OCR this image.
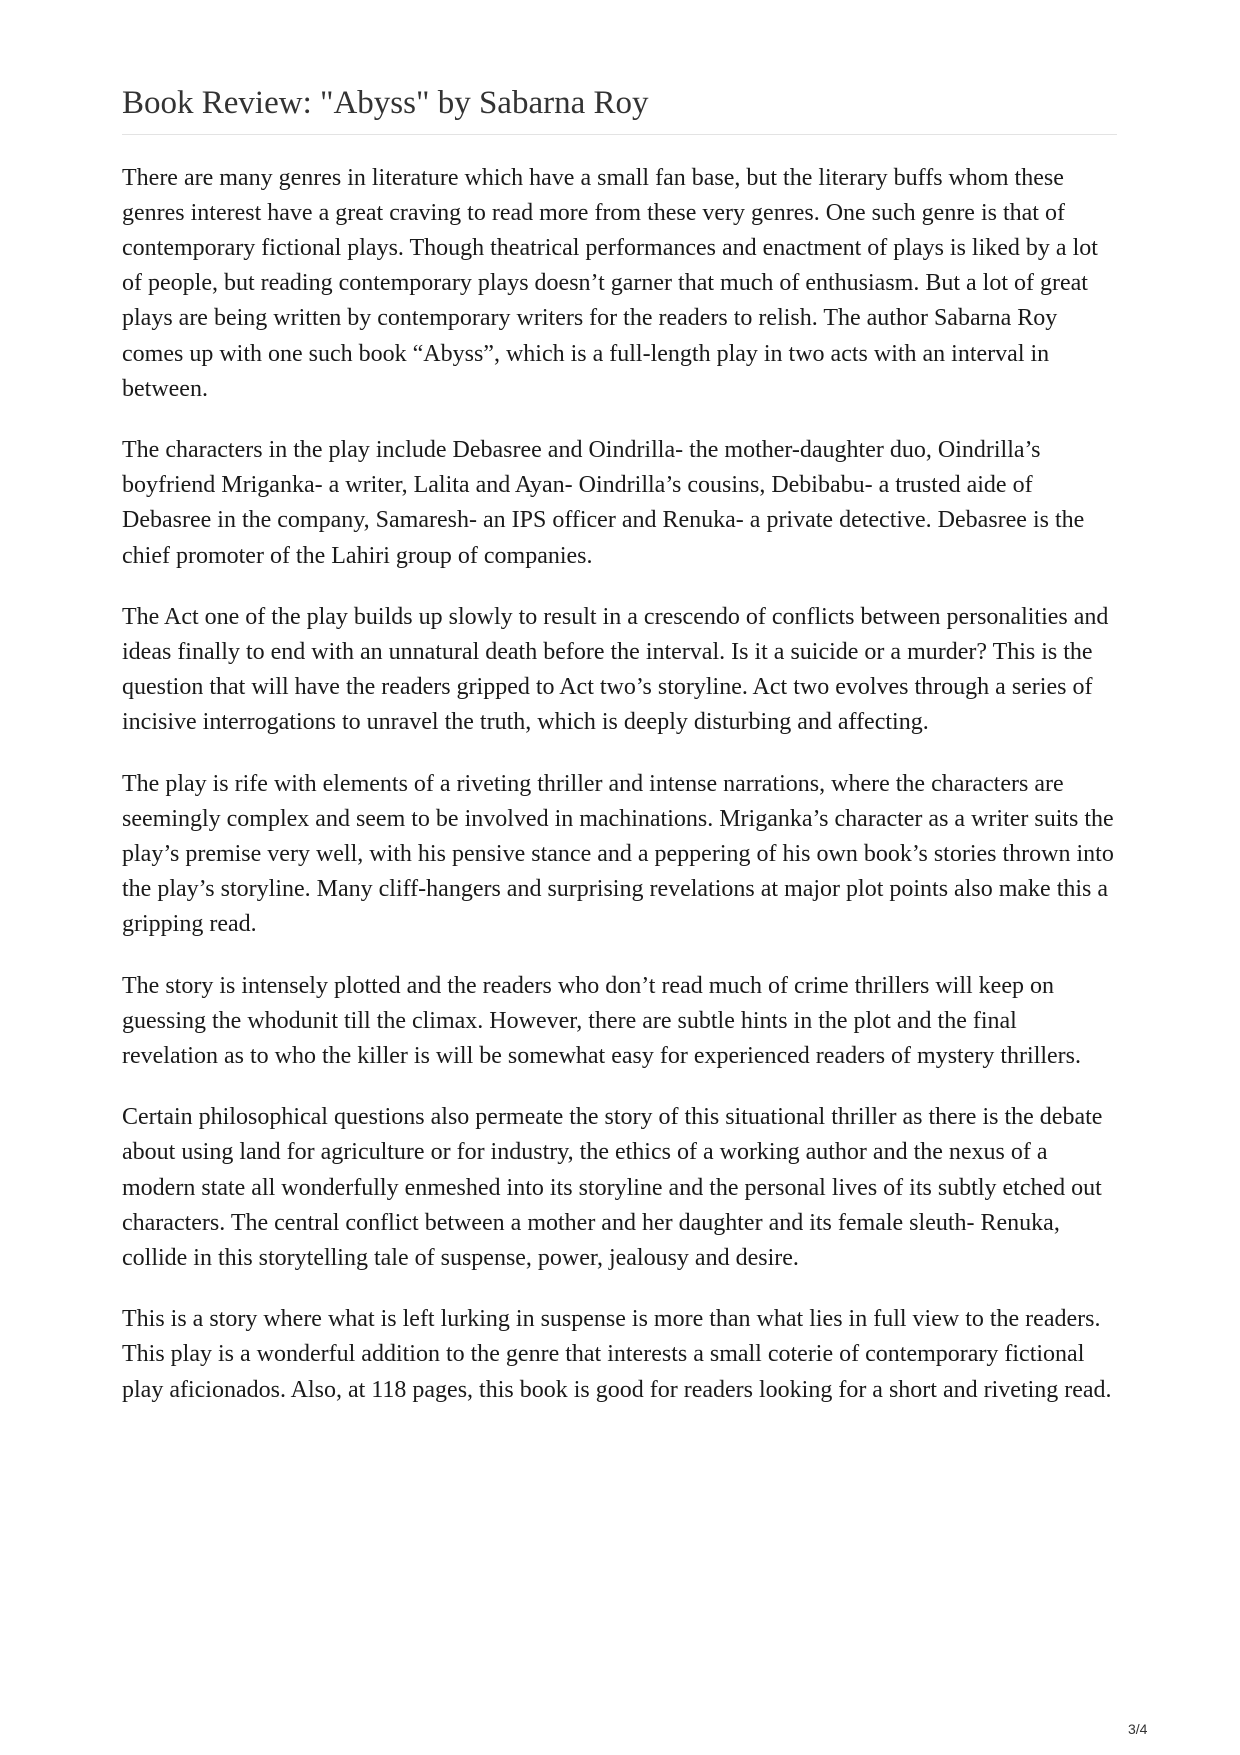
Book Review: "Abyss" by Sabarna Roy

There are many genres in literature which have a small fan base, but the literary buffs whom these genres interest have a great craving to read more from these very genres. One such genre is that of contemporary fictional plays. Though theatrical performances and enactment of plays is liked by a lot of people, but reading contemporary plays doesn’t garner that much of enthusiasm. But a lot of great plays are being written by contemporary writers for the readers to relish. The author Sabarna Roy comes up with one such book “Abyss”, which is a full-length play in two acts with an interval in between.

The characters in the play include Debasree and Oindrilla- the mother-daughter duo, Oindrilla’s boyfriend Mriganka- a writer, Lalita and Ayan- Oindrilla’s cousins, Debibabu- a trusted aide of Debasree in the company, Samaresh- an IPS officer and Renuka- a private detective. Debasree is the chief promoter of the Lahiri group of companies.

The Act one of the play builds up slowly to result in a crescendo of conflicts between personalities and ideas finally to end with an unnatural death before the interval. Is it a suicide or a murder? This is the question that will have the readers gripped to Act two’s storyline. Act two evolves through a series of incisive interrogations to unravel the truth, which is deeply disturbing and affecting.

The play is rife with elements of a riveting thriller and intense narrations, where the characters are seemingly complex and seem to be involved in machinations. Mriganka’s character as a writer suits the play’s premise very well, with his pensive stance and a peppering of his own book’s stories thrown into the play’s storyline. Many cliff-hangers and surprising revelations at major plot points also make this a gripping read.

The story is intensely plotted and the readers who don’t read much of crime thrillers will keep on guessing the whodunit till the climax. However, there are subtle hints in the plot and the final revelation as to who the killer is will be somewhat easy for experienced readers of mystery thrillers.

Certain philosophical questions also permeate the story of this situational thriller as there is the debate about using land for agriculture or for industry, the ethics of a working author and the nexus of a modern state all wonderfully enmeshed into its storyline and the personal lives of its subtly etched out characters. The central conflict between a mother and her daughter and its female sleuth- Renuka, collide in this storytelling tale of suspense, power, jealousy and desire.

This is a story where what is left lurking in suspense is more than what lies in full view to the readers. This play is a wonderful addition to the genre that interests a small coterie of contemporary fictional play aficionados. Also, at 118 pages, this book is good for readers looking for a short and riveting read.

3/4
